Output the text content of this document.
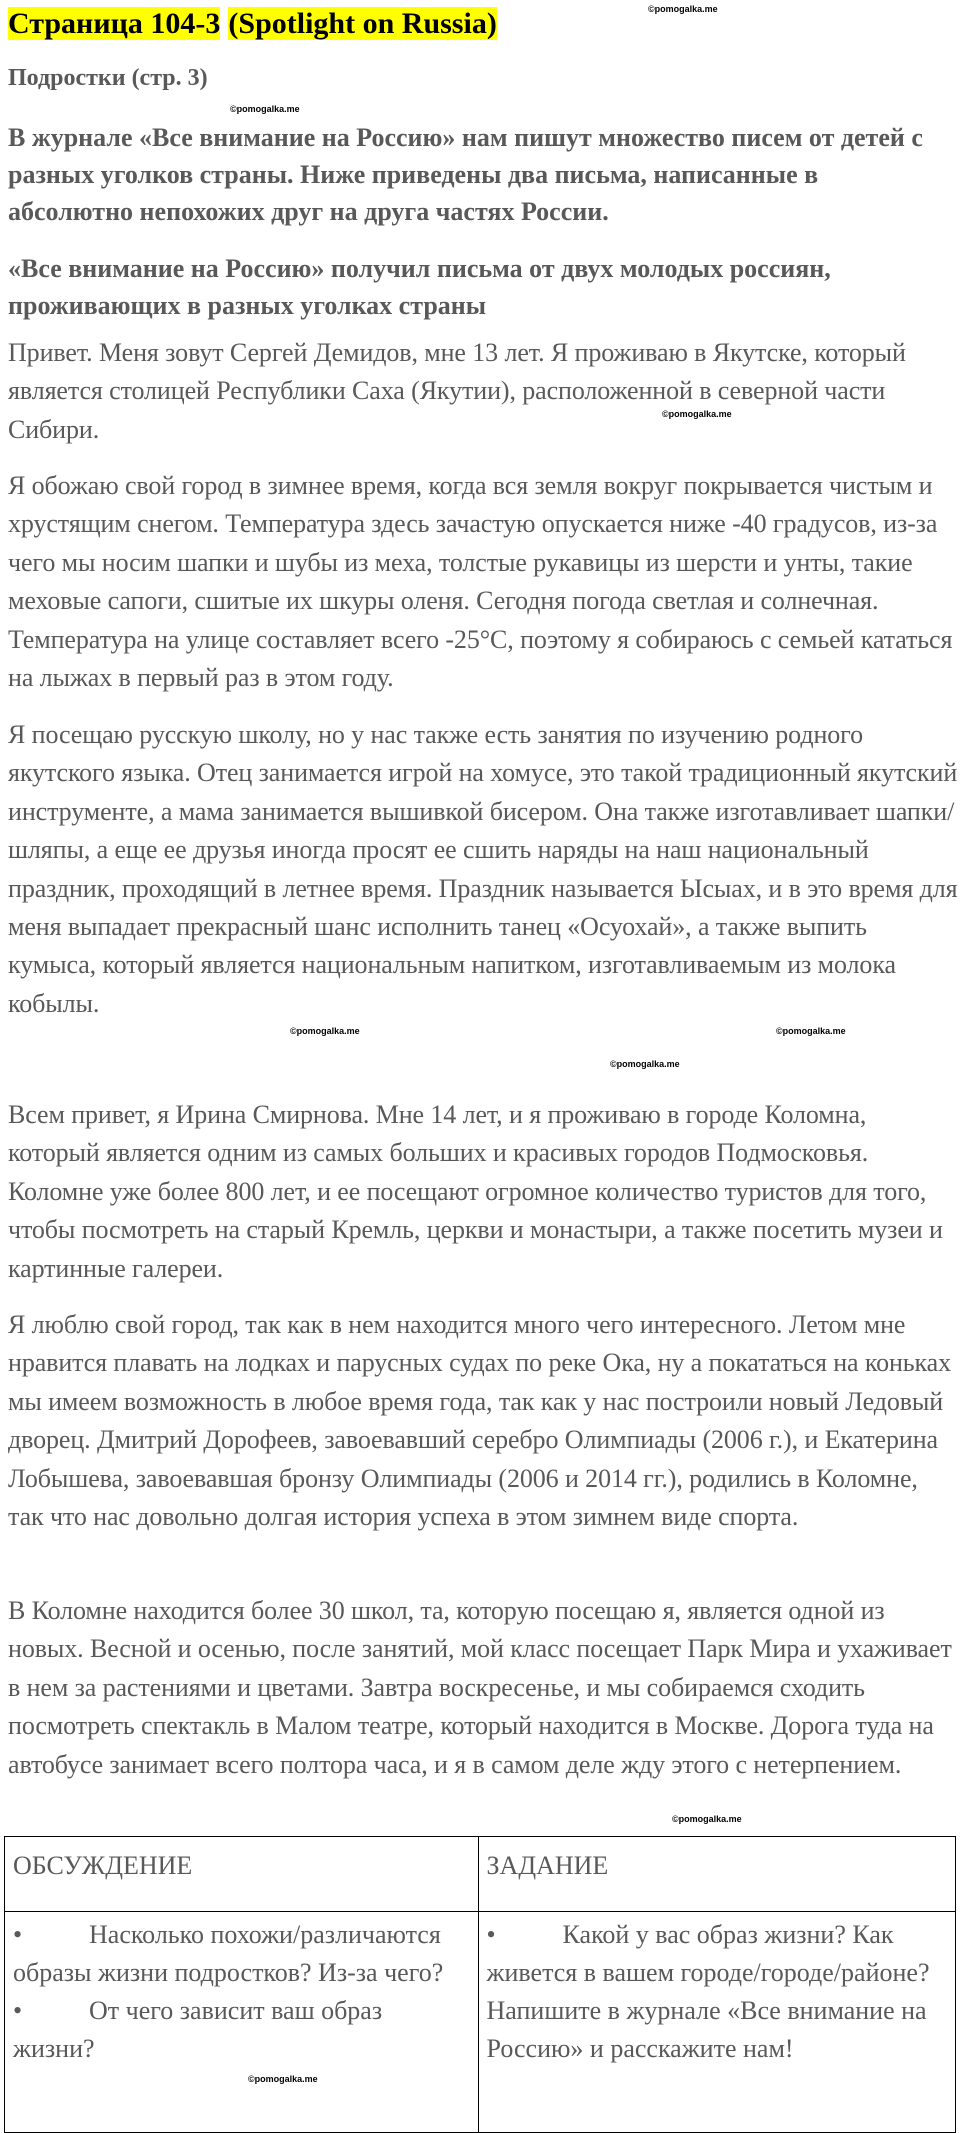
Страница 104-3 (Spotlight on Russia)	©pomogalka.me
Подростки (стр. 3)
©pomogalka.me
В журнале «Все внимание на Россию» нам пишут множество писем от детей с разных уголков страны. Ниже приведены два письма, написанные в абсолютно непохожих друг на друга частях России.
«Все внимание на Россию» получил письма от двух молодых россиян, проживающих в разных уголках страны
Привет. Меня зовут Сергей Демидов, мне 13 лет. Я проживаю в Якутске, который является столицей Республики Саха (Якутии), расположенной в северной части Сибири.
©pomogalka.me
Я обожаю свой город в зимнее время, когда вся земля вокруг покрывается чистым и хрустящим снегом. Температура здесь зачастую опускается ниже -40 градусов, из-за чего мы носим шапки и шубы из меха, толстые рукавицы из шерсти и унты, такие меховые сапоги, сшитые их шкуры оленя. Сегодня погода светлая и солнечная. Температура на улице составляет всего -25°С, поэтому я собираюсь с семьей кататься на лыжах в первый раз в этом году.
Я посещаю русскую школу, но у нас также есть занятия по изучению родного якутского языка. Отец занимается игрой на хомусе, это такой традиционный якутский инструменте, а мама занимается вышивкой бисером. Она также изготавливает шапки/шляпы, а еще ее друзья иногда просят ее сшить наряды на наш национальный праздник, проходящий в летнее время. Праздник называется Ысыах, и в это время для меня выпадает прекрасный шанс исполнить танец «Осуохай», а также выпить кумыса, который является национальным напитком, изготавливаемым из молока кобылы.
©pomogalka.me	©pomogalka.me
©pomogalka.me
Всем привет, я Ирина Смирнова. Мне 14 лет, и я проживаю в городе Коломна, который является одним из самых больших и красивых городов Подмосковья. Коломне уже более 800 лет, и ее посещают огромное количество туристов для того, чтобы посмотреть на старый Кремль, церкви и монастыри, а также посетить музеи и картинные галереи.
Я люблю свой город, так как в нем находится много чего интересного. Летом мне нравится плавать на лодках и парусных судах по реке Ока, ну а покататься на коньках мы имеем возможность в любое время года, так как у нас построили новый Ледовый дворец. Дмитрий Дорофеев, завоевавший серебро Олимпиады (2006 г.), и Екатерина Лобышева, завоевавшая бронзу Олимпиады (2006 и 2014 гг.), родились в Коломне, так что нас довольно долгая история успеха в этом зимнем виде спорта.
В Коломне находится более 30 школ, та, которую посещаю я, является одной из новых. Весной и осенью, после занятий, мой класс посещает Парк Мира и ухаживает в нем за растениями и цветами. Завтра воскресенье, и мы собираемся сходить посмотреть спектакль в Малом театре, который находится в Москве. Дорога туда на автобусе занимает всего полтора часа, и я в самом деле жду этого с нетерпением.
©pomogalka.me
ОБСУЖДЕНИЕ	ЗАДАНИЕ

• Насколько похожи/различаются образы жизни подростков? Из-за чего?
• От чего зависит ваш образ жизни?	• Какой у вас образ жизни? Как живется в вашем городе/городе/районе? Напишите в журнале «Все внимание на Россию» и расскажите нам!
©pomogalka.me
